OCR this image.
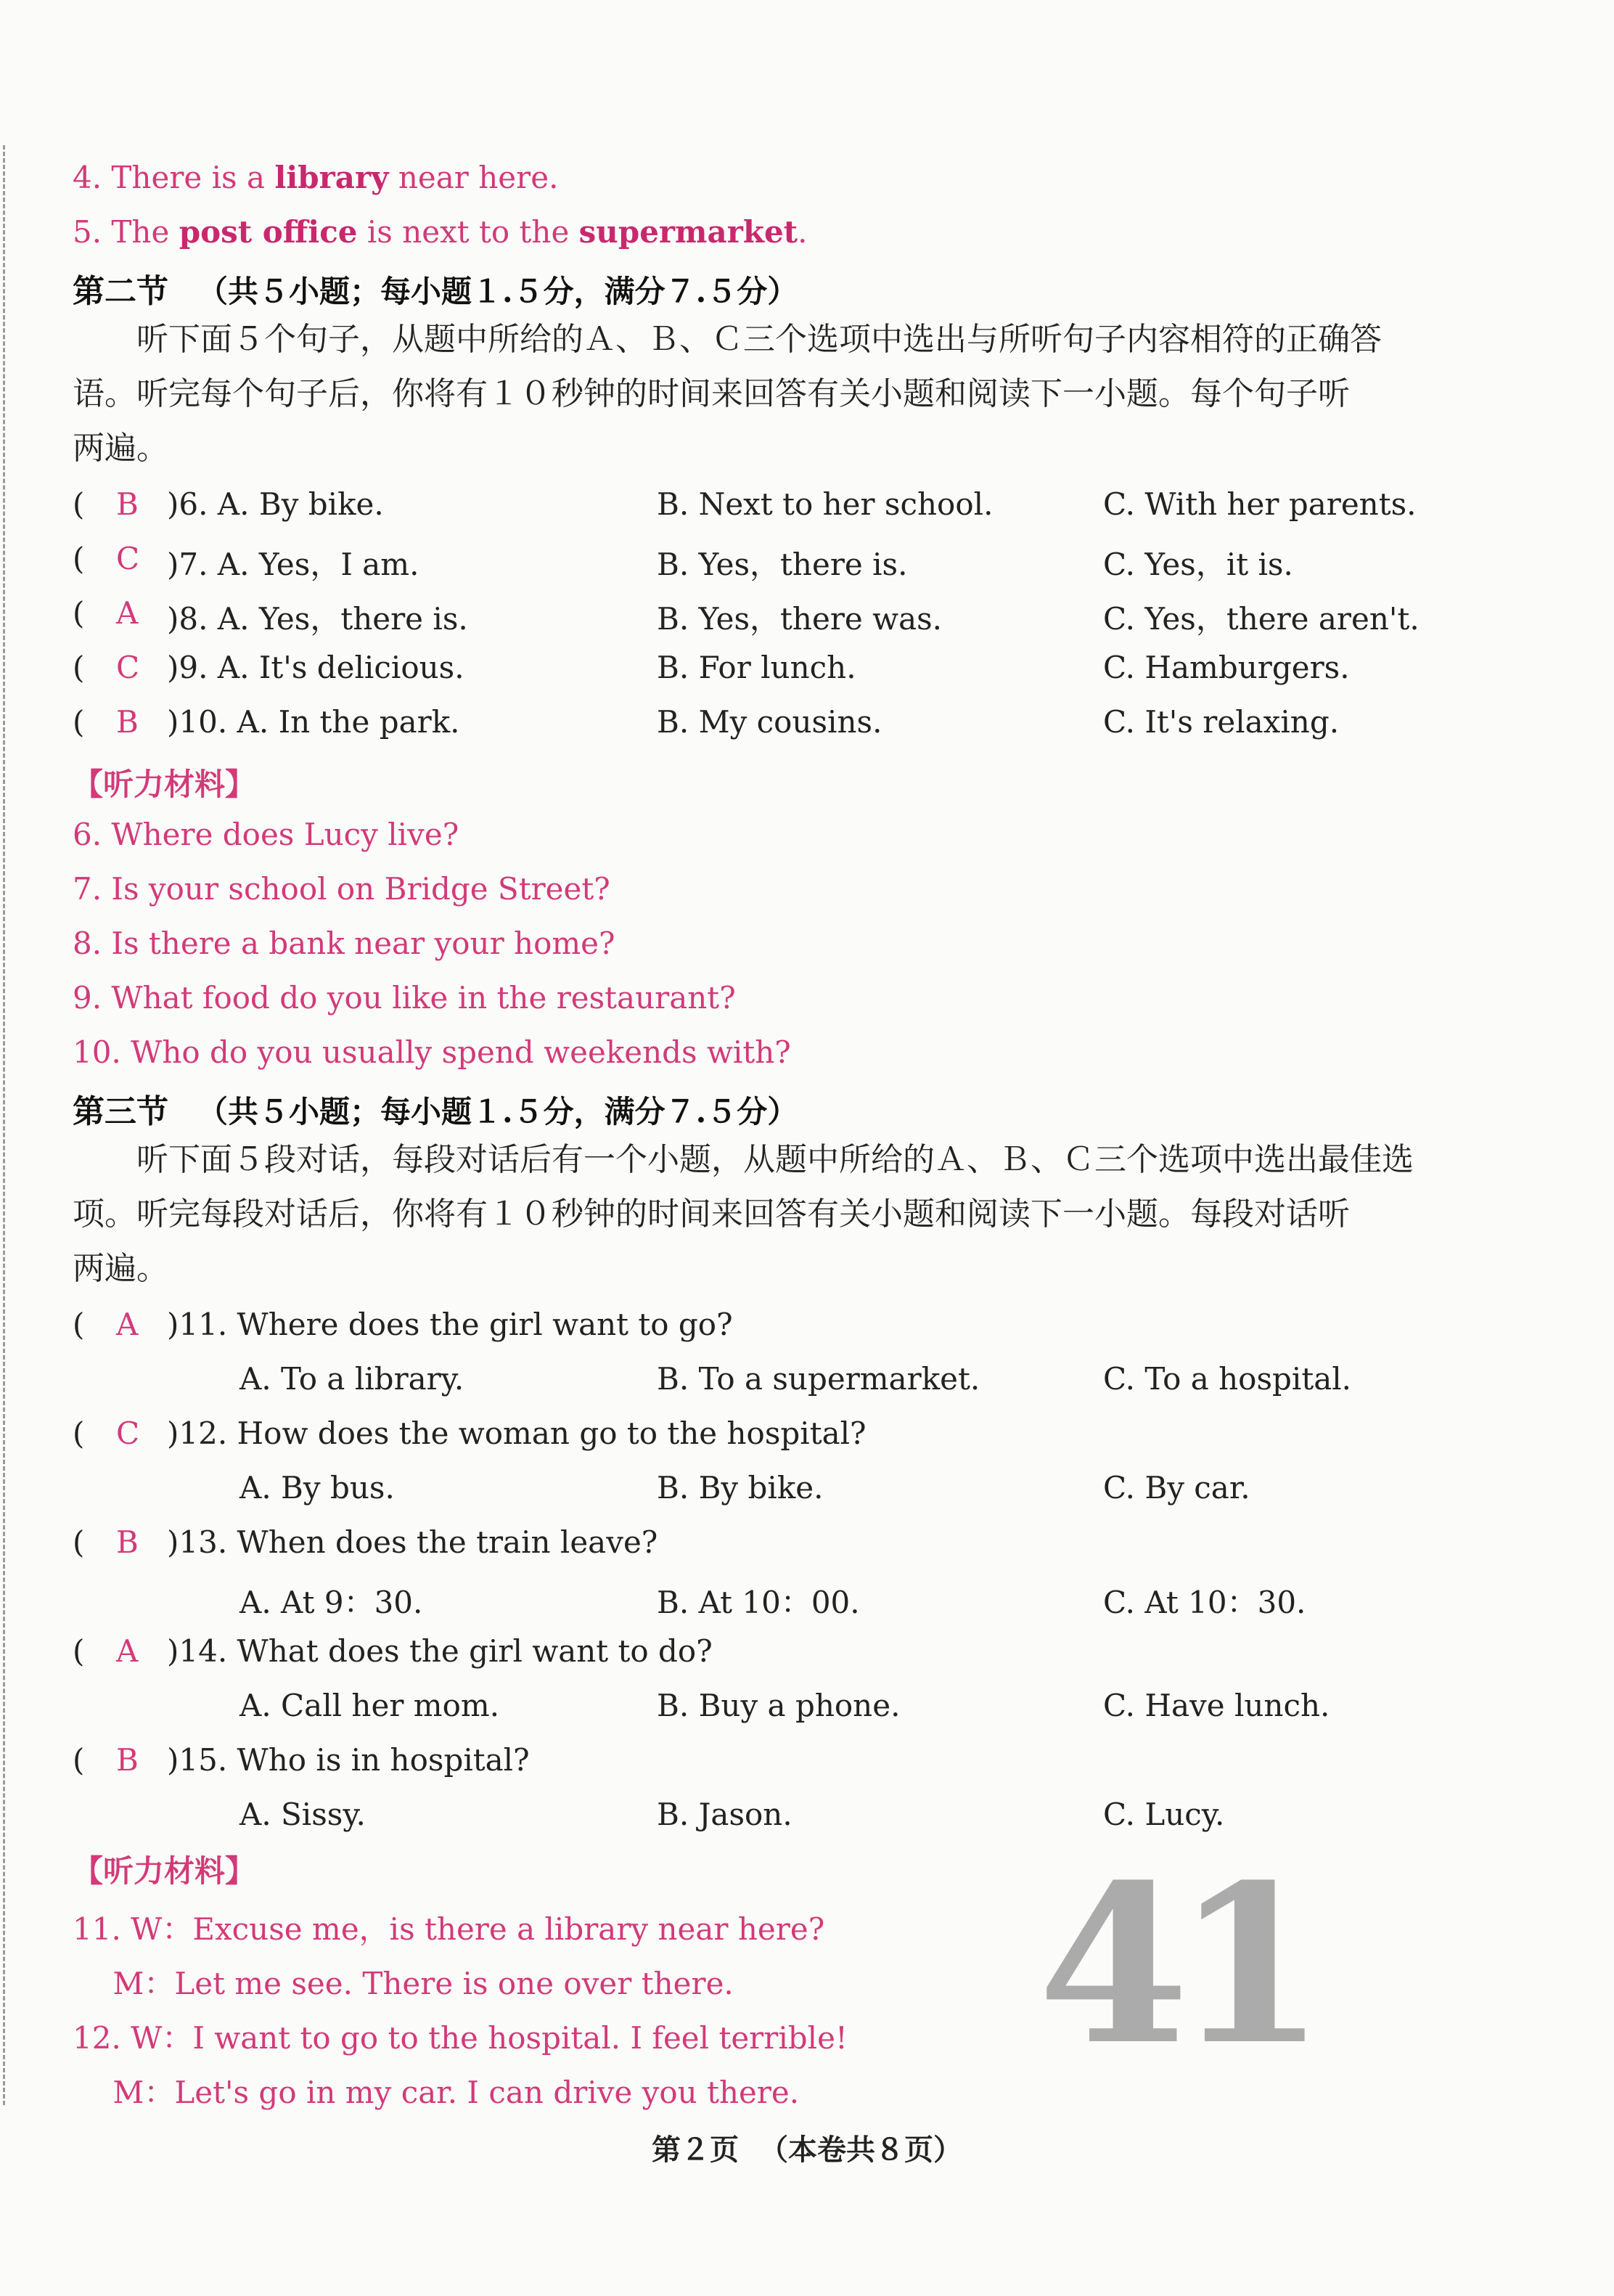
4. There is a library near here.
5. The post office is next to the supermarket.
第二节 （共５小题；每小题１.５分，满分７.５分）
　　听下面５个句子，从题中所给的Ａ、Ｂ、Ｃ三个选项中选出与所听句子内容相符的正确答
语。听完每个句子后，你将有１０秒钟的时间来回答有关小题和阅读下一小题。每个句子听
两遍。
( B )6. A. By bike.	B. Next to her school.	C. With her parents.
( C )7. A. Yes，I am.	B. Yes，there is.	C. Yes，it is.
( A )8. A. Yes，there is.	B. Yes，there was.	C. Yes，there aren't.
( C )9. A. It's delicious.	B. For lunch.	C. Hamburgers.
( B )10. A. In the park.	B. My cousins.	C. It's relaxing.
【听力材料】
6. Where does Lucy live?
7. Is your school on Bridge Street?
8. Is there a bank near your home?
9. What food do you like in the restaurant?
10. Who do you usually spend weekends with?
第三节 （共５小题；每小题１.５分，满分７.５分）
　　听下面５段对话，每段对话后有一个小题，从题中所给的Ａ、Ｂ、Ｃ三个选项中选出最佳选
项。听完每段对话后，你将有１０秒钟的时间来回答有关小题和阅读下一小题。每段对话听
两遍。
( A )11. Where does the girl want to go?
A. To a library.	B. To a supermarket.	C. To a hospital.
( C )12. How does the woman go to the hospital?
A. By bus.	B. By bike.	C. By car.
( B )13. When does the train leave?
A. At 9：30.	B. At 10：00.	C. At 10：30.
( A )14. What does the girl want to do?
A. Call her mom.	B. Buy a phone.	C. Have lunch.
( B )15. Who is in hospital?
A. Sissy.	B. Jason.	C. Lucy.
【听力材料】
11. W：Excuse me，is there a library near here?
　 M：Let me see. There is one over there.
12. W：I want to go to the hospital. I feel terrible!
　 M：Let's go in my car. I can drive you there. 41
第２页 （本卷共８页）
